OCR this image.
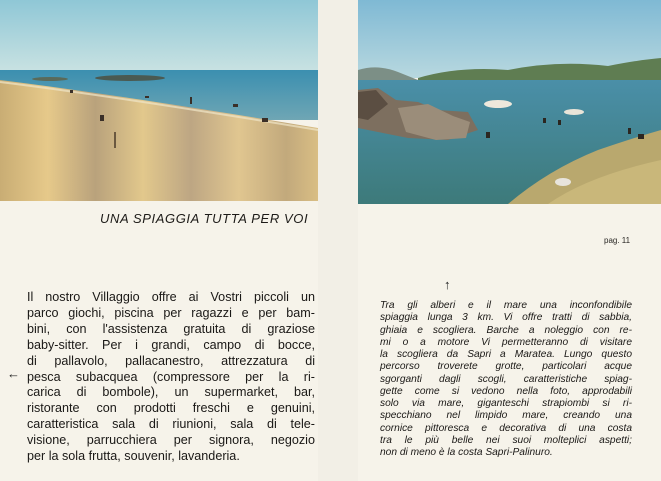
UNA SPIAGGIA TUTTA PER VOI
pag. 11
↑
←
Il nostro Villaggio offre ai Vostri piccoli un
parco giochi, piscina per ragazzi e per bam-
bini, con l'assistenza gratuita di graziose
baby-sitter. Per i grandi, campo di bocce,
di pallavolo, pallacanestro, attrezzatura di
pesca subacquea (compressore per la ri-
carica di bombole), un supermarket, bar,
ristorante con prodotti freschi e genuini,
caratteristica sala di riunioni, sala di tele-
visione, parrucchiera per signora, negozio
per la sola frutta, souvenir, lavanderia.
Tra gli alberi e il mare una inconfondibile
spiaggia lunga 3 km. Vi offre tratti di sabbia,
ghiaia e scogliera. Barche a noleggio con re-
mi o a motore Vi permetteranno di visitare
la scogliera da Sapri a Maratea. Lungo questo
percorso troverete grotte, particolari acque
sgorganti dagli scogli, caratteristiche spiag-
gette come si vedono nella foto, approdabili
solo via mare, giganteschi strapiombi si ri-
specchiano nel limpido mare, creando una
cornice pittoresca e decorativa di una costa
tra le più belle nei suoi molteplici aspetti;
non di meno è la costa Sapri-Palinuro.
